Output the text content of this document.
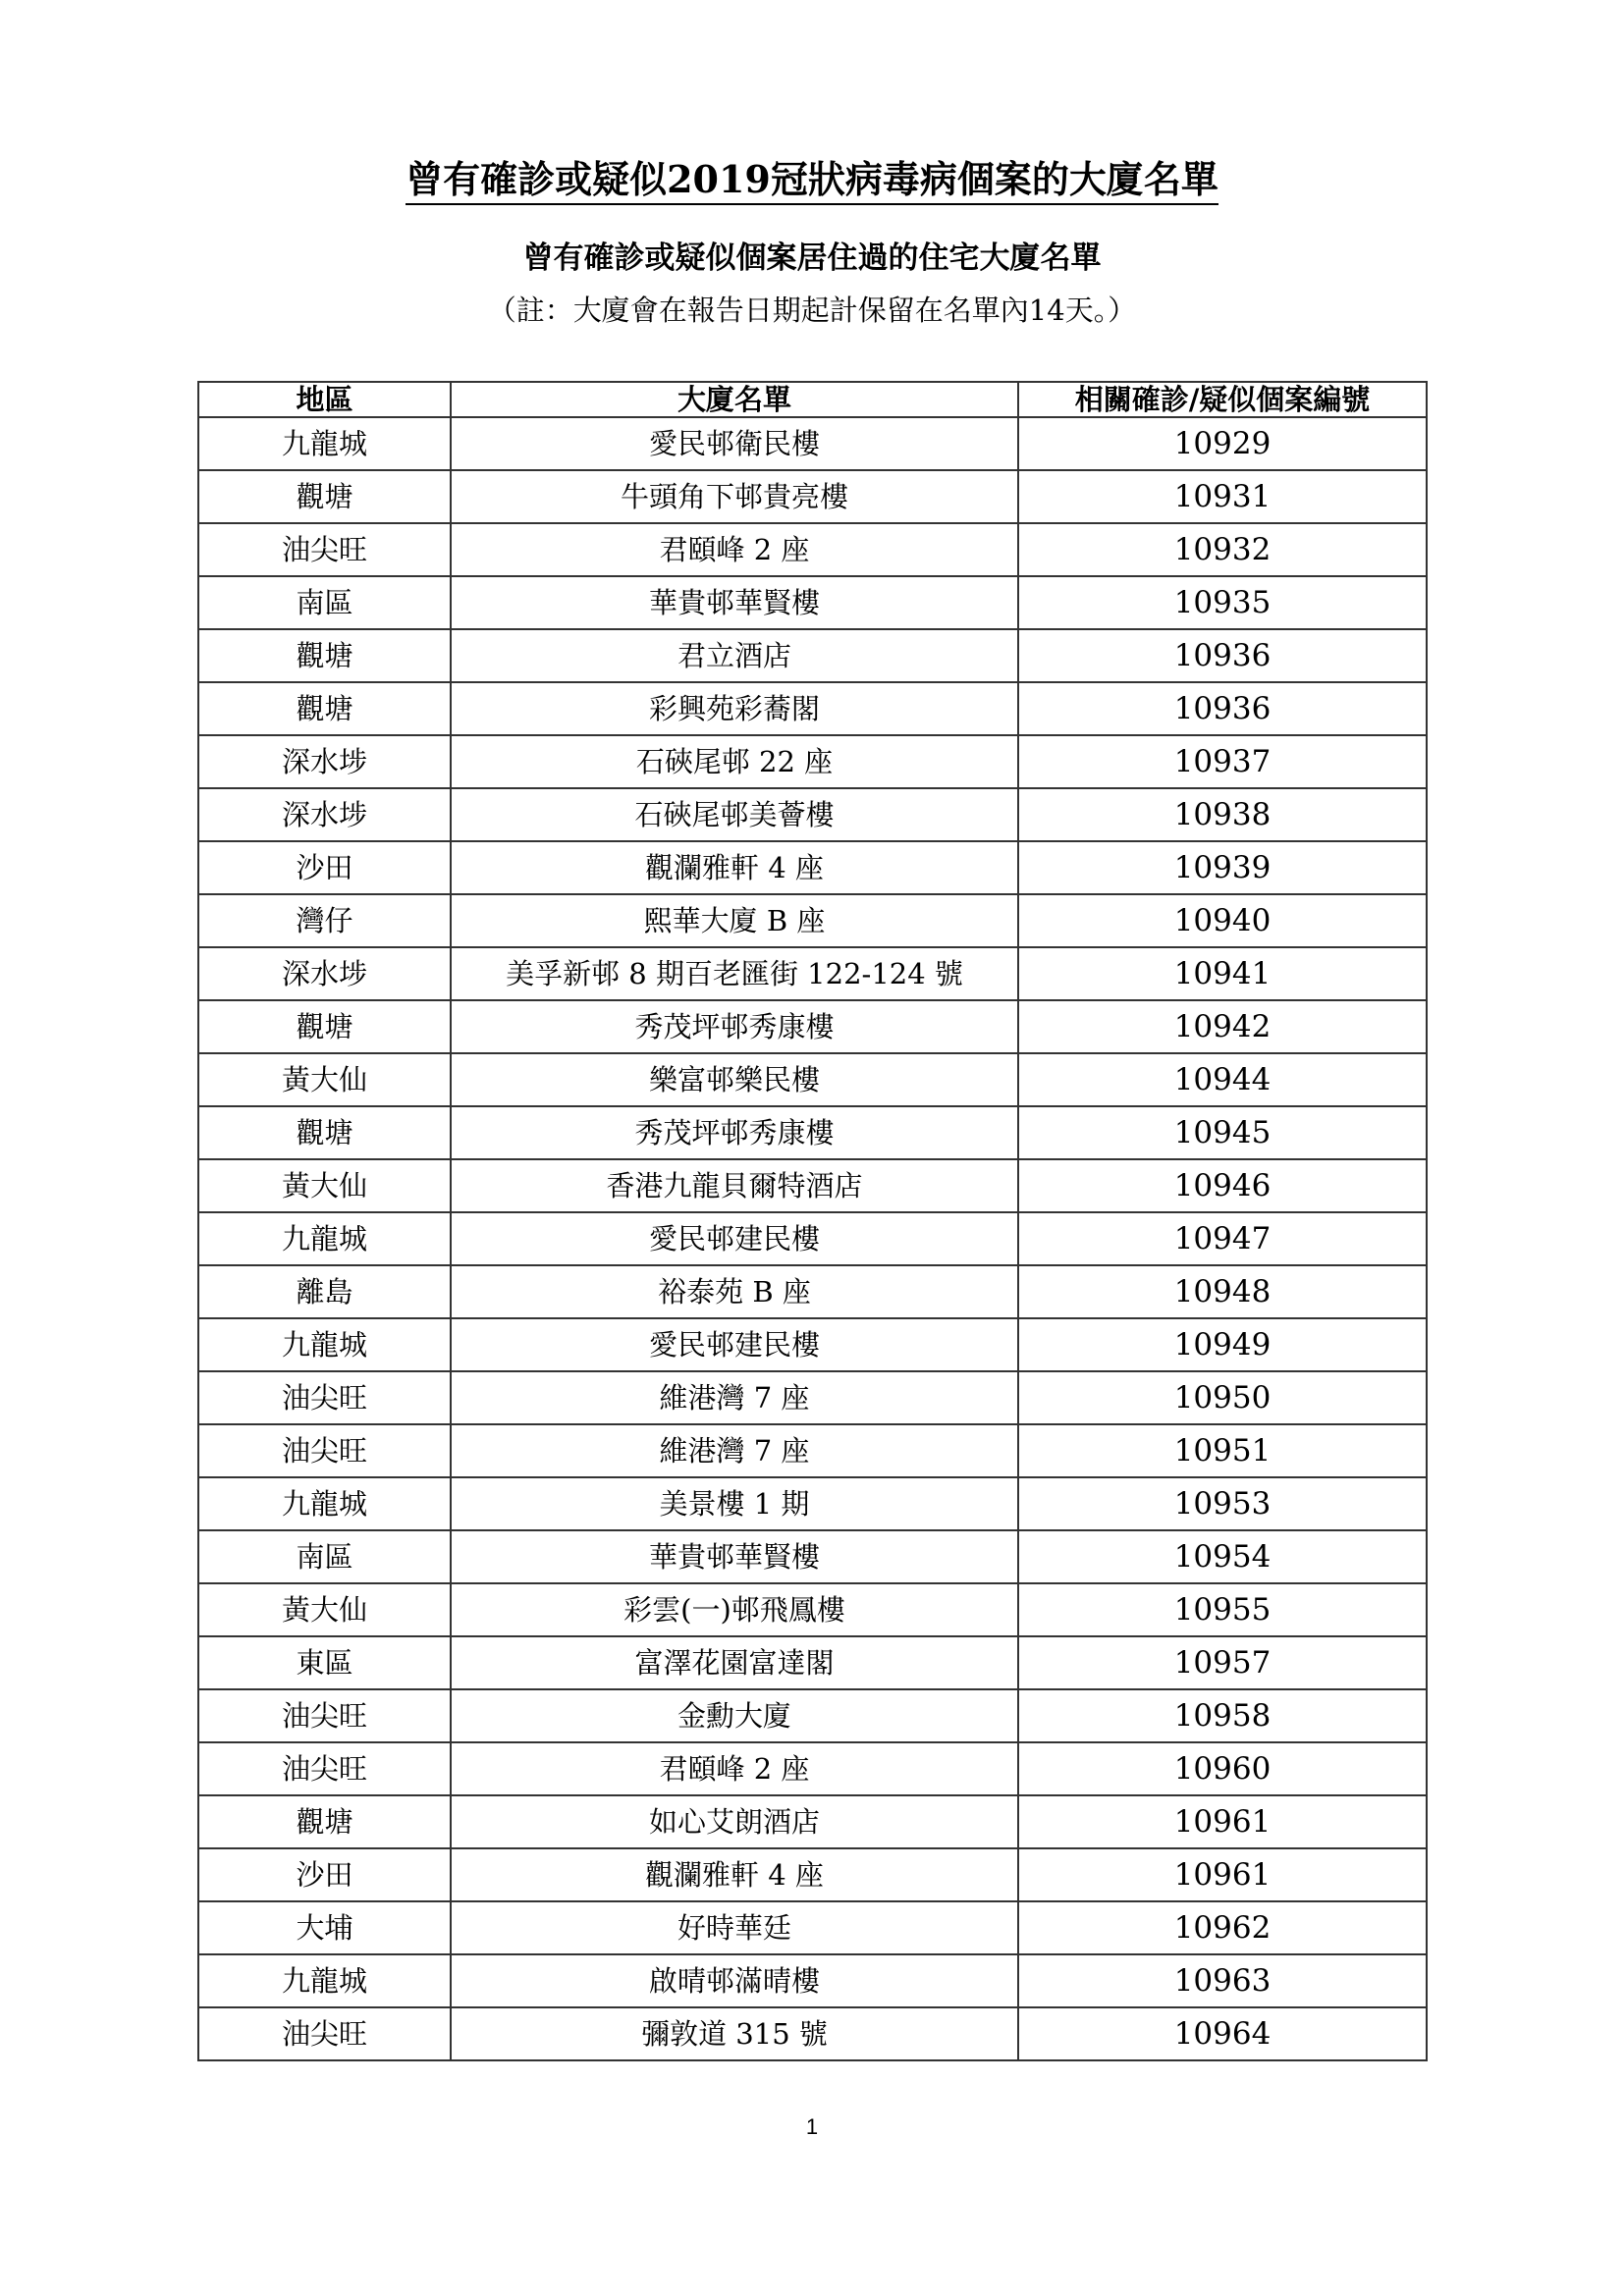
曾有確診或疑似2019冠狀病毒病個案的大廈名單
曾有確診或疑似個案居住過的住宅大廈名單
（註：大廈會在報告日期起計保留在名單內14天。）
地區	大廈名單	相關確診/疑似個案編號
九龍城	愛民邨衛民樓	10929
觀塘	牛頭角下邨貴亮樓	10931
油尖旺	君頤峰 2 座	10932
南區	華貴邨華賢樓	10935
觀塘	君立酒店	10936
觀塘	彩興苑彩蕎閣	10936
深水埗	石硤尾邨 22 座	10937
深水埗	石硤尾邨美薈樓	10938
沙田	觀瀾雅軒 4 座	10939
灣仔	熙華大廈 B 座	10940
深水埗	美孚新邨 8 期百老匯街 122-124 號	10941
觀塘	秀茂坪邨秀康樓	10942
黃大仙	樂富邨樂民樓	10944
觀塘	秀茂坪邨秀康樓	10945
黃大仙	香港九龍貝爾特酒店	10946
九龍城	愛民邨建民樓	10947
離島	裕泰苑 B 座	10948
九龍城	愛民邨建民樓	10949
油尖旺	維港灣 7 座	10950
油尖旺	維港灣 7 座	10951
九龍城	美景樓 1 期	10953
南區	華貴邨華賢樓	10954
黃大仙	彩雲(一)邨飛鳳樓	10955
東區	富澤花園富達閣	10957
油尖旺	金勳大廈	10958
油尖旺	君頤峰 2 座	10960
觀塘	如心艾朗酒店	10961
沙田	觀瀾雅軒 4 座	10961
大埔	好時華廷	10962
九龍城	啟晴邨滿晴樓	10963
油尖旺	彌敦道 315 號	10964
1
